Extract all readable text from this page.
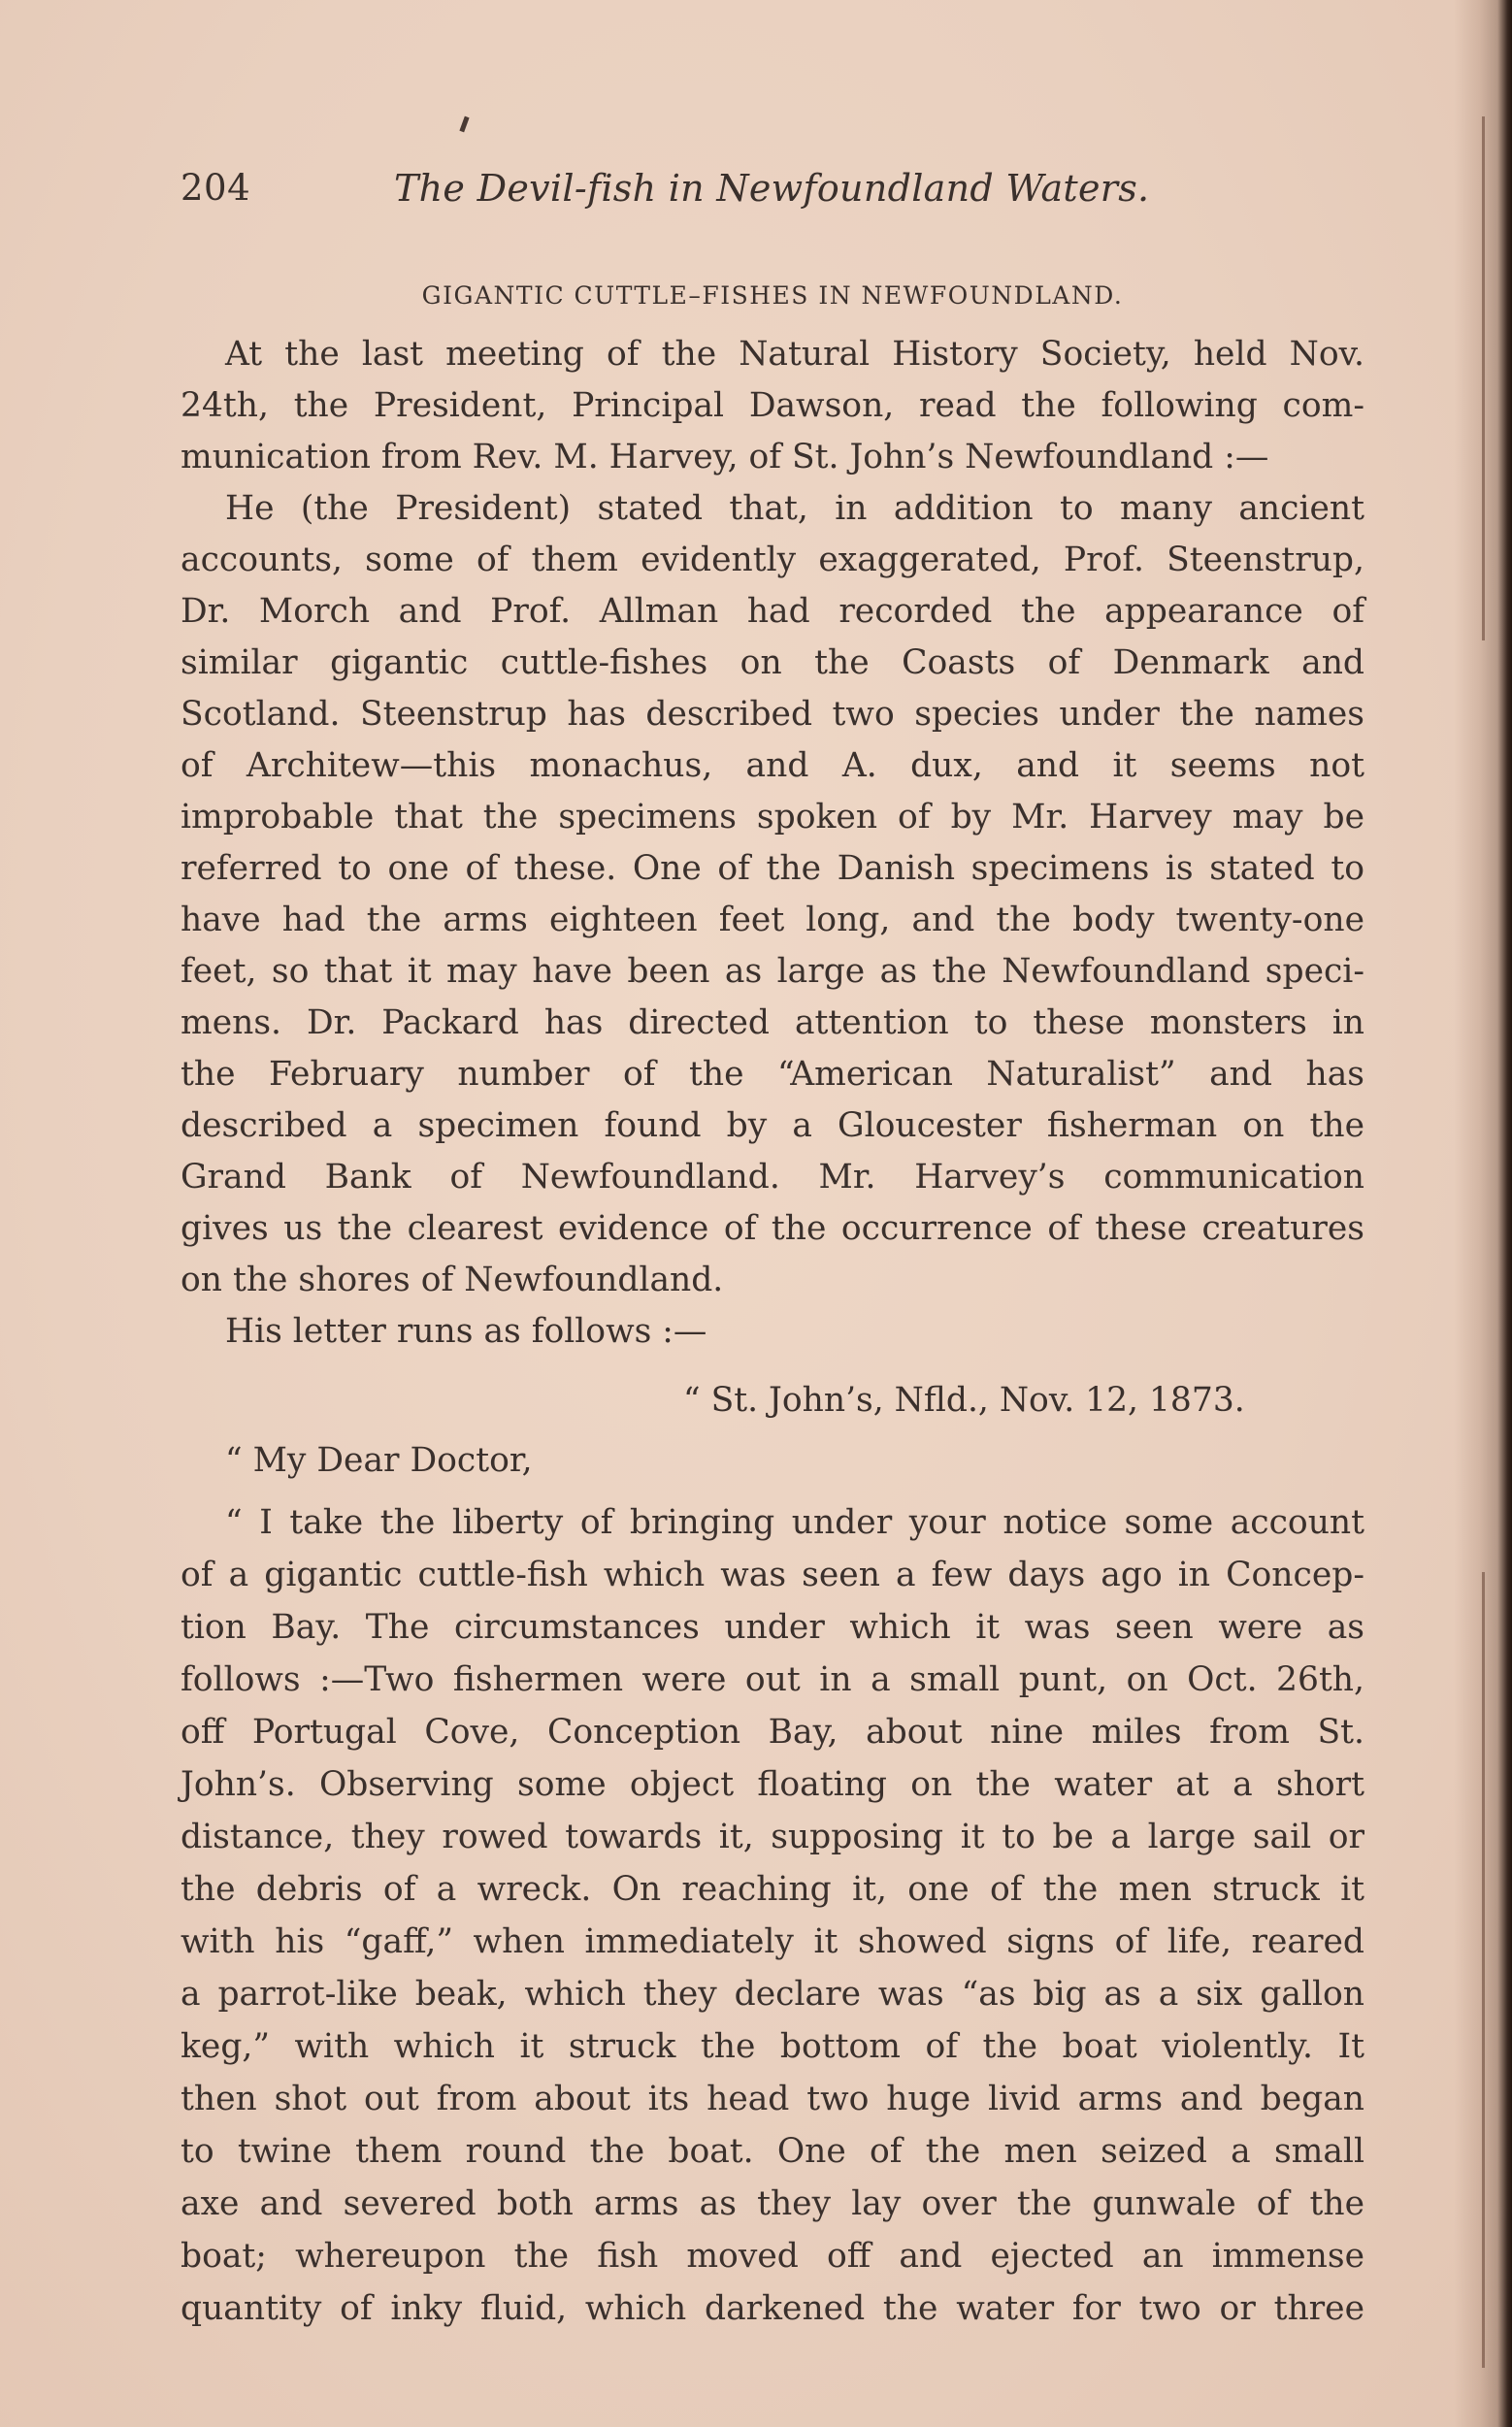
204	The Devil-fish in Newfoundland Waters.
GIGANTIC CUTTLE–FISHES IN NEWFOUNDLAND.
At the last meeting of the Natural History Society, held Nov.
24th, the President, Principal Dawson, read the following com-
munication from Rev. M. Harvey, of St. John’s Newfoundland :—
He (the President) stated that, in addition to many ancient
accounts, some of them evidently exaggerated, Prof. Steenstrup,
Dr. Morch and Prof. Allman had recorded the appearance of
similar gigantic cuttle-fishes on the Coasts of Denmark and
Scotland. Steenstrup has described two species under the names
of Architew—this monachus, and A. dux, and it seems not
improbable that the specimens spoken of by Mr. Harvey may be
referred to one of these. One of the Danish specimens is stated to
have had the arms eighteen feet long, and the body twenty-one
feet, so that it may have been as large as the Newfoundland speci-
mens. Dr. Packard has directed attention to these monsters in
the February number of the “American Naturalist” and has
described a specimen found by a Gloucester fisherman on the
Grand Bank of Newfoundland. Mr. Harvey’s communication
gives us the clearest evidence of the occurrence of these creatures
on the shores of Newfoundland.
His letter runs as follows :—
“ St. John’s, Nfld., Nov. 12, 1873.
“ My Dear Doctor,
“ I take the liberty of bringing under your notice some account
of a gigantic cuttle-fish which was seen a few days ago in Concep-
tion Bay. The circumstances under which it was seen were as
follows :—Two fishermen were out in a small punt, on Oct. 26th,
off Portugal Cove, Conception Bay, about nine miles from St.
John’s. Observing some object floating on the water at a short
distance, they rowed towards it, supposing it to be a large sail or
the debris of a wreck. On reaching it, one of the men struck it
with his “gaff,” when immediately it showed signs of life, reared
a parrot-like beak, which they declare was “as big as a six gallon
keg,” with which it struck the bottom of the boat violently. It
then shot out from about its head two huge livid arms and began
to twine them round the boat. One of the men seized a small
axe and severed both arms as they lay over the gunwale of the
boat; whereupon the fish moved off and ejected an immense
quantity of inky fluid, which darkened the water for two or three
